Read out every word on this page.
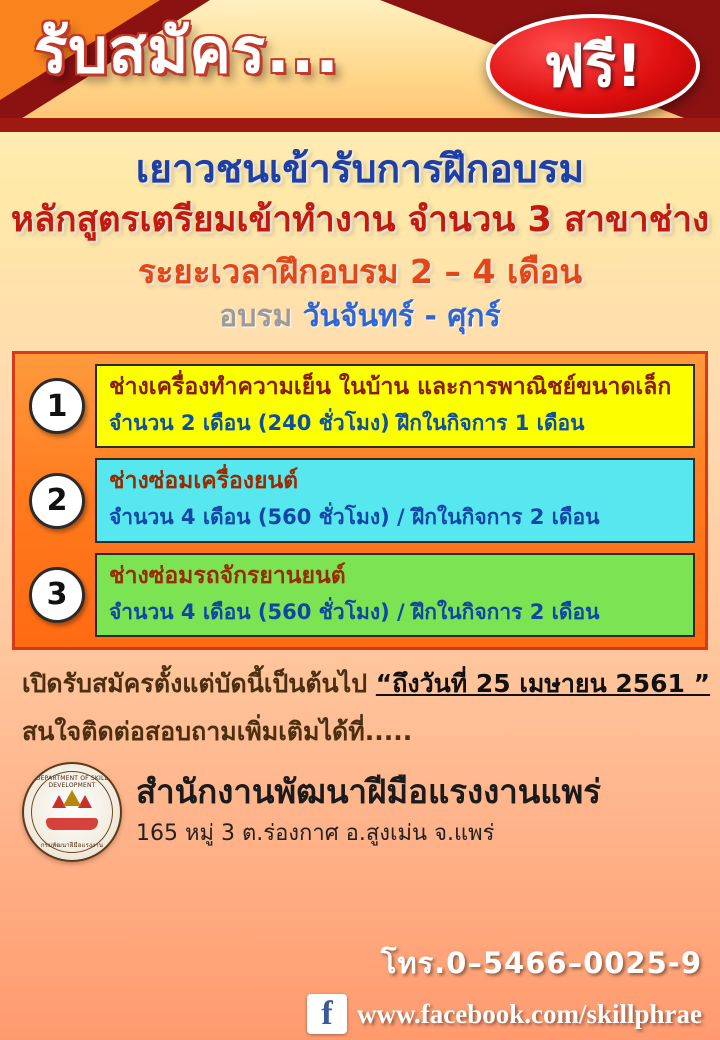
รับสมัคร...	ฟรี!
เยาวชนเข้ารับการฝึกอบรม
หลักสูตรเตรียมเข้าทำงาน จำนวน 3 สาขาช่าง
ระยะเวลาฝึกอบรม 2 – 4 เดือน
อบรม วันจันทร์ - ศุกร์
1
ช่างเครื่องทำความเย็น ในบ้าน และการพาณิชย์ขนาดเล็ก
จำนวน 2 เดือน (240 ชั่วโมง) ฝึกในกิจการ 1 เดือน
2
ช่างซ่อมเครื่องยนต์
จำนวน 4 เดือน (560 ชั่วโมง) / ฝึกในกิจการ 2 เดือน
3
ช่างซ่อมรถจักรยานยนต์
จำนวน 4 เดือน (560 ชั่วโมง) / ฝึกในกิจการ 2 เดือน
เปิดรับสมัครตั้งแต่บัดนี้เป็นต้นไป “ถึงวันที่ 25 เมษายน 2561 ”
สนใจติดต่อสอบถามเพิ่มเติมได้ที่.....
DEPARTMENT OF SKILL DEVELOPMENT
กรมพัฒนาฝีมือแรงงาน
สำนักงานพัฒนาฝีมือแรงงานแพร่
165 หมู่ 3 ต.ร่องกาศ อ.สูงเม่น จ.แพร่
โทร.0–5466–0025-9
f www.facebook.com/skillphrae
